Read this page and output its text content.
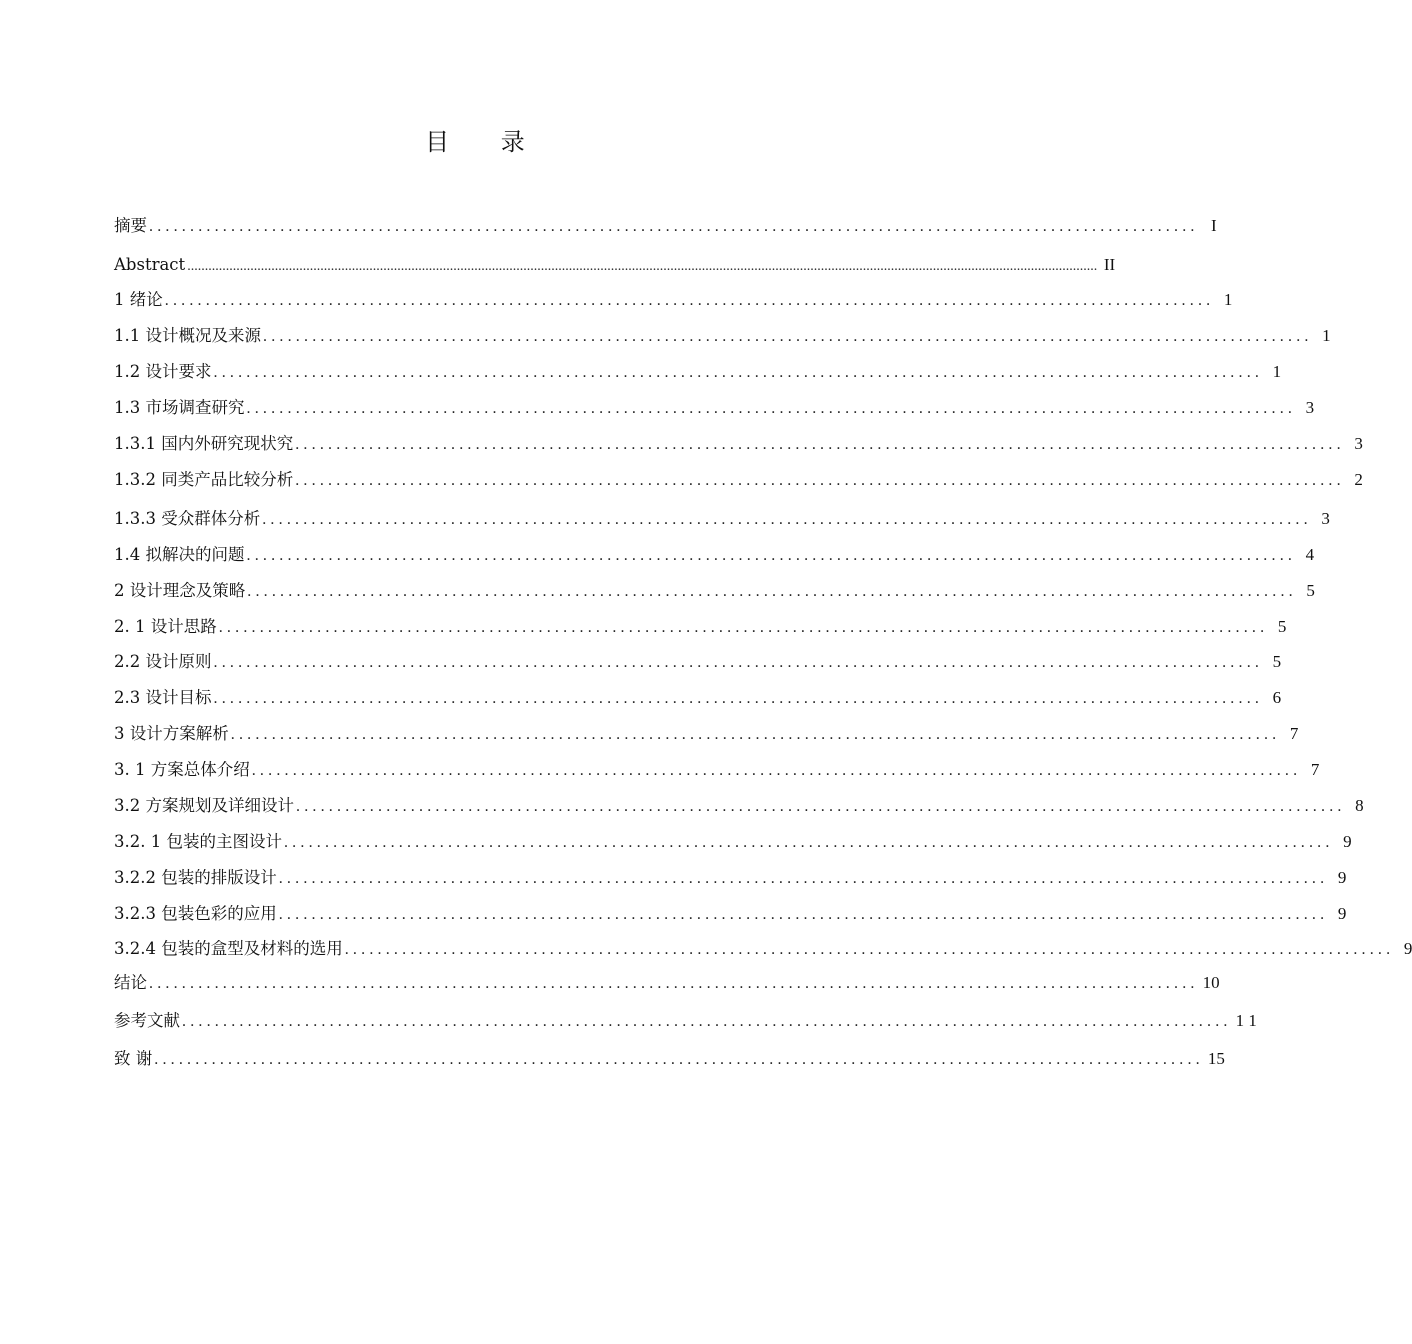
目 录
摘要 ................................................................................................................................ I
Abstract .................................................................................................................................................................................................................................................................... II
1 绪论 ................................................................................................................................ 1
1.1 设计概况及来源 ................................................................................................................................ 1
1.2 设计要求 ................................................................................................................................ 1
1.3 市场调查研究 ................................................................................................................................ 3
1.3.1 国内外研究现状究 ................................................................................................................................ 3
1.3.2 同类产品比较分析 ................................................................................................................................ 2
1.3.3 受众群体分析 ................................................................................................................................ 3
1.4 拟解决的问题 ................................................................................................................................ 4
2 设计理念及策略 ................................................................................................................................ 5
2. 1 设计思路 ................................................................................................................................ 5
2.2 设计原则 ................................................................................................................................ 5
2.3 设计目标 ................................................................................................................................ 6
3 设计方案解析 ................................................................................................................................ 7
3. 1 方案总体介绍 ................................................................................................................................ 7
3.2 方案规划及详细设计 ................................................................................................................................ 8
3.2. 1 包装的主图设计 ................................................................................................................................ 9
3.2.2 包装的排版设计 ................................................................................................................................ 9
3.2.3 包装色彩的应用 ................................................................................................................................ 9
3.2.4 包装的盒型及材料的选用 ................................................................................................................................ 9
结论 ................................................................................................................................ 10
参考文献 ................................................................................................................................ 1 1
致 谢 ................................................................................................................................ 15
